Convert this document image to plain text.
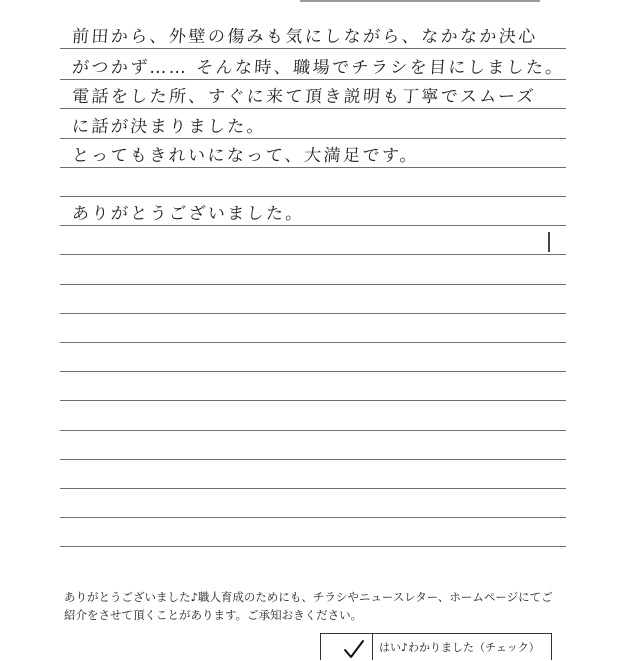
前田から、外壁の傷みも気にしながら、なかなか決心
がつかず…… そんな時、職場でチラシを目にしました。
電話をした所、すぐに来て頂き説明も丁寧でスムーズ
に話が決まりました。
とってもきれいになって、大満足です。
ありがとうございました。
ありがとうございました♪職人育成のためにも、チラシやニュースレター、ホームページにてご紹介をさせて頂くことがあります。ご承知おきください。
はい♪わかりました（チェック）
